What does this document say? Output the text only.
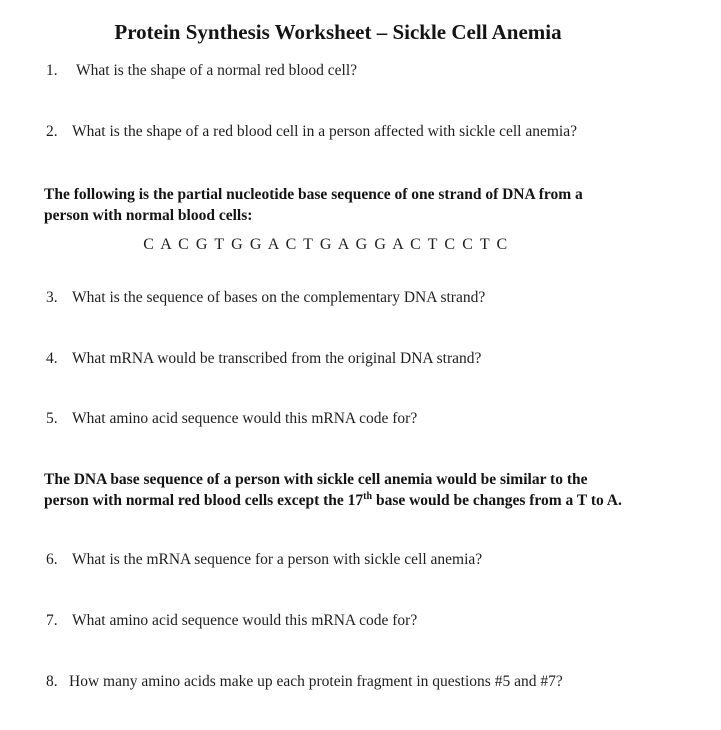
Protein Synthesis Worksheet – Sickle Cell Anemia
1. What is the shape of a normal red blood cell?
2. What is the shape of a red blood cell in a person affected with sickle cell anemia?
The following is the partial nucleotide base sequence of one strand of DNA from a
person with normal blood cells:
C A C G T G G A C T G A G G A C T C C T C
3. What is the sequence of bases on the complementary DNA strand?
4. What mRNA would be transcribed from the original DNA strand?
5. What amino acid sequence would this mRNA code for?
The DNA base sequence of a person with sickle cell anemia would be similar to the
person with normal red blood cells except the 17th base would be changes from a T to A.
6. What is the mRNA sequence for a person with sickle cell anemia?
7. What amino acid sequence would this mRNA code for?
8. How many amino acids make up each protein fragment in questions #5 and #7?
